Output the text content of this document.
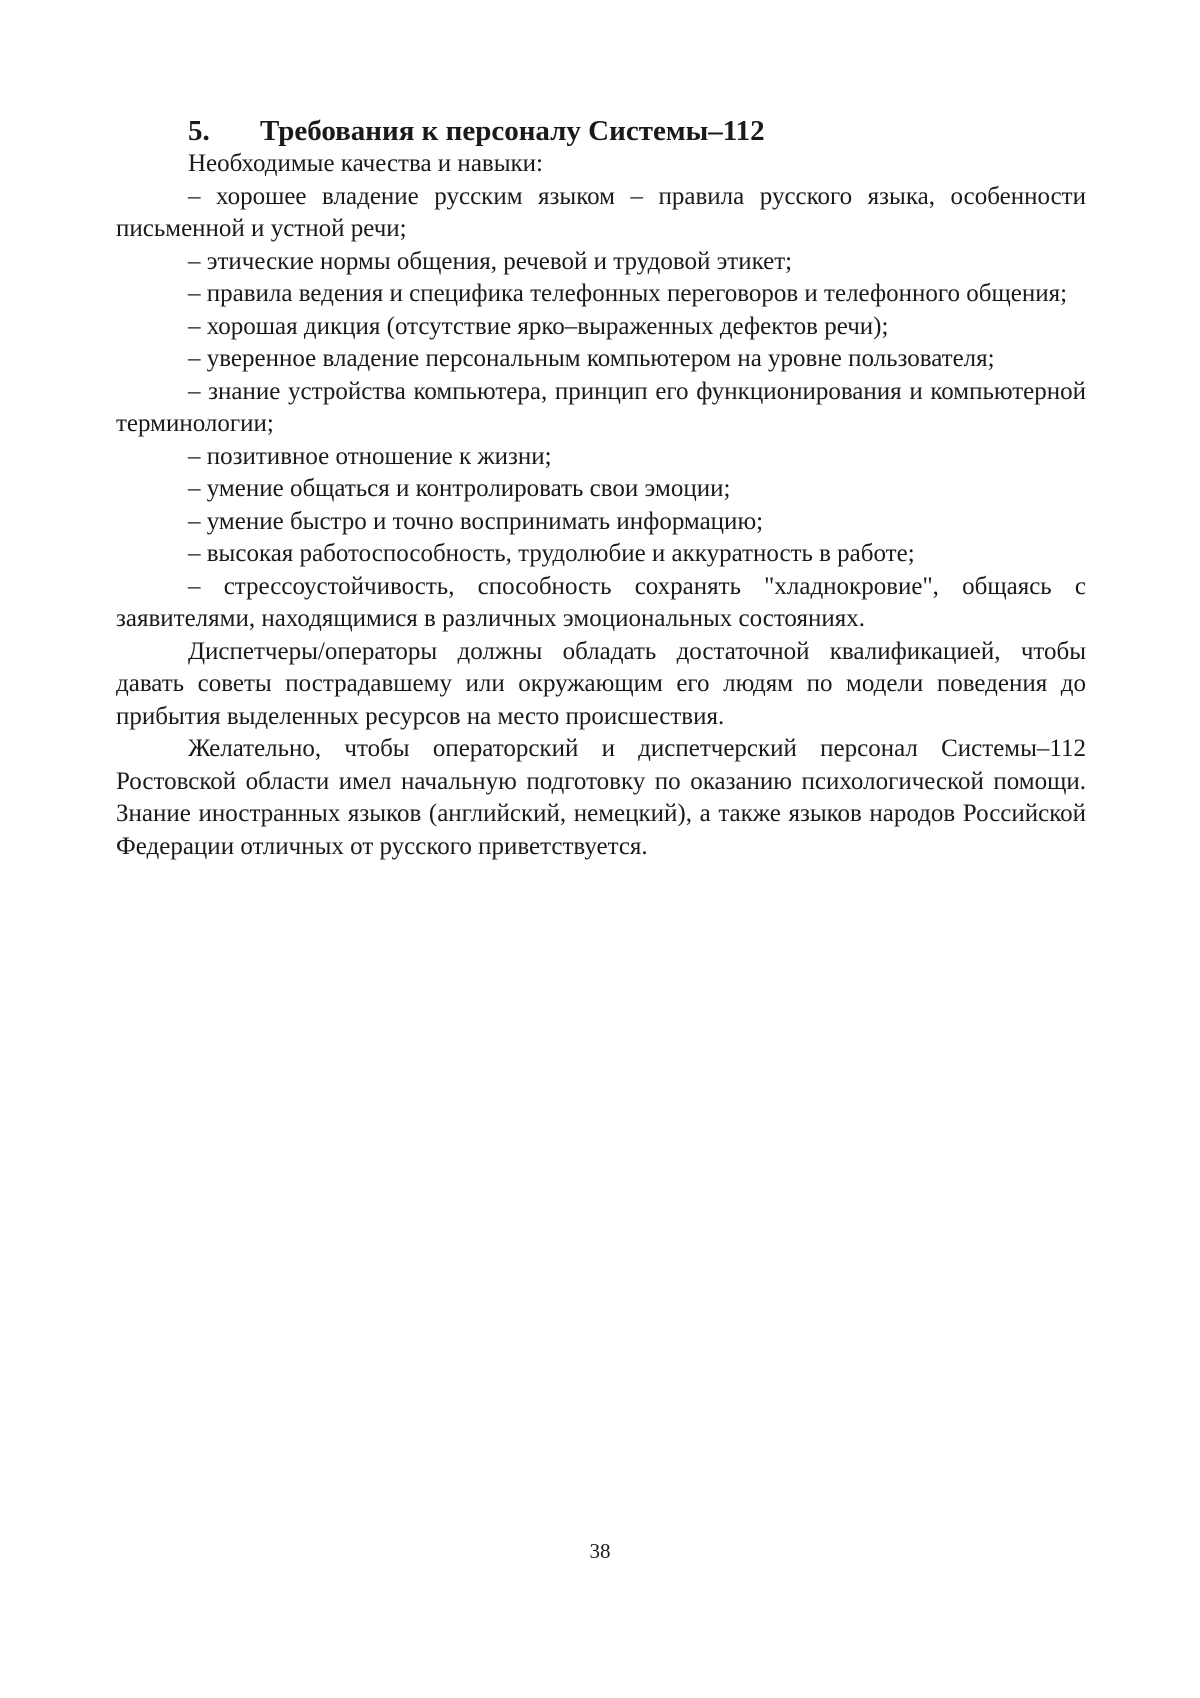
5. Требования к персоналу Системы–112

Необходимые качества и навыки:

– хорошее владение русским языком – правила русского языка, особенности письменной и устной речи;

– этические нормы общения, речевой и трудовой этикет;

– правила ведения и специфика телефонных переговоров и телефонного общения;

– хорошая дикция (отсутствие ярко–выраженных дефектов речи);

– уверенное владение персональным компьютером на уровне пользователя;

– знание устройства компьютера, принцип его функционирования и компьютерной терминологии;

– позитивное отношение к жизни;

– умение общаться и контролировать свои эмоции;

– умение быстро и точно воспринимать информацию;

– высокая работоспособность, трудолюбие и аккуратность в работе;

– стрессоустойчивость, способность сохранять "хладнокровие", общаясь с заявителями, находящимися в различных эмоциональных состояниях.

Диспетчеры/операторы должны обладать достаточной квалификацией, чтобы давать советы пострадавшему или окружающим его людям по модели поведения до прибытия выделенных ресурсов на место происшествия.

Желательно, чтобы операторский и диспетчерский персонал Системы–112 Ростовской области имел начальную подготовку по оказанию психологической помощи. Знание иностранных языков (английский, немецкий), а также языков народов Российской Федерации отличных от русского приветствуется.

38
